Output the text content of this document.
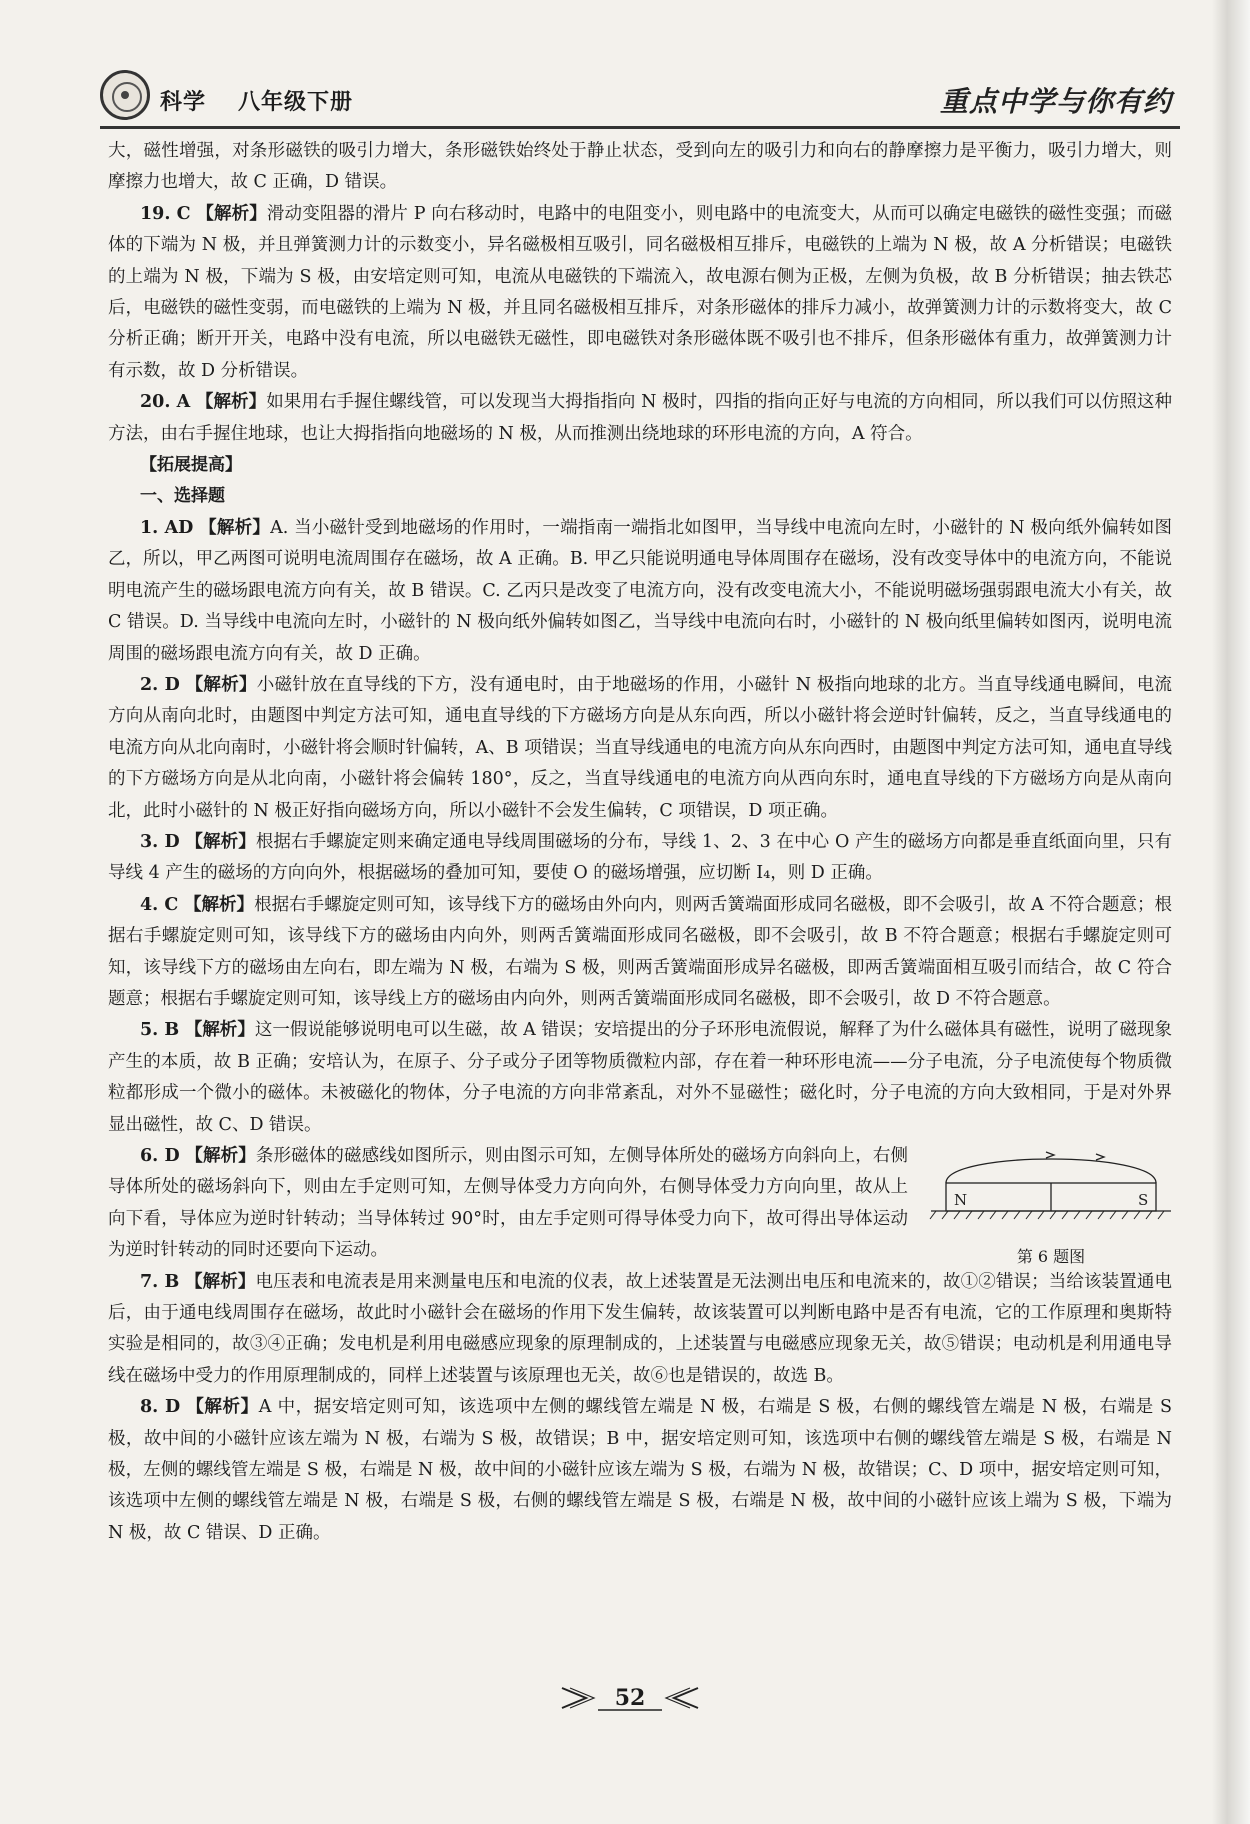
科学 八年级下册	重点中学与你有约

大，磁性增强，对条形磁铁的吸引力增大，条形磁铁始终处于静止状态，受到向左的吸引力和向右的静摩擦力是平衡力，吸引力增大，则摩擦力也增大，故 C 正确，D 错误。

19. C 【解析】滑动变阻器的滑片 P 向右移动时，电路中的电阻变小，则电路中的电流变大，从而可以确定电磁铁的磁性变强；而磁体的下端为 N 极，并且弹簧测力计的示数变小，异名磁极相互吸引，同名磁极相互排斥，电磁铁的上端为 N 极，故 A 分析错误；电磁铁的上端为 N 极，下端为 S 极，由安培定则可知，电流从电磁铁的下端流入，故电源右侧为正极，左侧为负极，故 B 分析错误；抽去铁芯后，电磁铁的磁性变弱，而电磁铁的上端为 N 极，并且同名磁极相互排斥，对条形磁体的排斥力减小，故弹簧测力计的示数将变大，故 C 分析正确；断开开关，电路中没有电流，所以电磁铁无磁性，即电磁铁对条形磁体既不吸引也不排斥，但条形磁体有重力，故弹簧测力计有示数，故 D 分析错误。

20. A 【解析】如果用右手握住螺线管，可以发现当大拇指指向 N 极时，四指的指向正好与电流的方向相同，所以我们可以仿照这种方法，由右手握住地球，也让大拇指指向地磁场的 N 极，从而推测出绕地球的环形电流的方向，A 符合。

【拓展提高】

一、选择题

1. AD 【解析】A. 当小磁针受到地磁场的作用时，一端指南一端指北如图甲，当导线中电流向左时，小磁针的 N 极向纸外偏转如图乙，所以，甲乙两图可说明电流周围存在磁场，故 A 正确。B. 甲乙只能说明通电导体周围存在磁场，没有改变导体中的电流方向，不能说明电流产生的磁场跟电流方向有关，故 B 错误。C. 乙丙只是改变了电流方向，没有改变电流大小，不能说明磁场强弱跟电流大小有关，故 C 错误。D. 当导线中电流向左时，小磁针的 N 极向纸外偏转如图乙，当导线中电流向右时，小磁针的 N 极向纸里偏转如图丙，说明电流周围的磁场跟电流方向有关，故 D 正确。

2. D 【解析】小磁针放在直导线的下方，没有通电时，由于地磁场的作用，小磁针 N 极指向地球的北方。当直导线通电瞬间，电流方向从南向北时，由题图中判定方法可知，通电直导线的下方磁场方向是从东向西，所以小磁针将会逆时针偏转，反之，当直导线通电的电流方向从北向南时，小磁针将会顺时针偏转，A、B 项错误；当直导线通电的电流方向从东向西时，由题图中判定方法可知，通电直导线的下方磁场方向是从北向南，小磁针将会偏转 180°，反之，当直导线通电的电流方向从西向东时，通电直导线的下方磁场方向是从南向北，此时小磁针的 N 极正好指向磁场方向，所以小磁针不会发生偏转，C 项错误，D 项正确。

3. D 【解析】根据右手螺旋定则来确定通电导线周围磁场的分布，导线 1、2、3 在中心 O 产生的磁场方向都是垂直纸面向里，只有导线 4 产生的磁场的方向向外，根据磁场的叠加可知，要使 O 的磁场增强，应切断 I₄，则 D 正确。

4. C 【解析】根据右手螺旋定则可知，该导线下方的磁场由外向内，则两舌簧端面形成同名磁极，即不会吸引，故 A 不符合题意；根据右手螺旋定则可知，该导线下方的磁场由内向外，则两舌簧端面形成同名磁极，即不会吸引，故 B 不符合题意；根据右手螺旋定则可知，该导线下方的磁场由左向右，即左端为 N 极，右端为 S 极，则两舌簧端面形成异名磁极，即两舌簧端面相互吸引而结合，故 C 符合题意；根据右手螺旋定则可知，该导线上方的磁场由内向外，则两舌簧端面形成同名磁极，即不会吸引，故 D 不符合题意。

5. B 【解析】这一假说能够说明电可以生磁，故 A 错误；安培提出的分子环形电流假说，解释了为什么磁体具有磁性，说明了磁现象产生的本质，故 B 正确；安培认为，在原子、分子或分子团等物质微粒内部，存在着一种环形电流——分子电流，分子电流使每个物质微粒都形成一个微小的磁体。未被磁化的物体，分子电流的方向非常紊乱，对外不显磁性；磁化时，分子电流的方向大致相同，于是对外界显出磁性，故 C、D 错误。

6. D 【解析】条形磁体的磁感线如图所示，则由图示可知，左侧导体所处的磁场方向斜向上，右侧导体所处的磁场斜向下，则由左手定则可知，左侧导体受力方向向外，右侧导体受力方向向里，故从上向下看，导体应为逆时针转动；当导体转过 90°时，由左手定则可得导体受力向下，故可得出导体运动为逆时针转动的同时还要向下运动。

N	S
第 6 题图

7. B 【解析】电压表和电流表是用来测量电压和电流的仪表，故上述装置是无法测出电压和电流来的，故①②错误；当给该装置通电后，由于通电线周围存在磁场，故此时小磁针会在磁场的作用下发生偏转，故该装置可以判断电路中是否有电流，它的工作原理和奥斯特实验是相同的，故③④正确；发电机是利用电磁感应现象的原理制成的，上述装置与电磁感应现象无关，故⑤错误；电动机是利用通电导线在磁场中受力的作用原理制成的，同样上述装置与该原理也无关，故⑥也是错误的，故选 B。

8. D 【解析】A 中，据安培定则可知，该选项中左侧的螺线管左端是 N 极，右端是 S 极，右侧的螺线管左端是 N 极，右端是 S 极，故中间的小磁针应该左端为 N 极，右端为 S 极，故错误；B 中，据安培定则可知，该选项中右侧的螺线管左端是 S 极，右端是 N 极，左侧的螺线管左端是 S 极，右端是 N 极，故中间的小磁针应该左端为 S 极，右端为 N 极，故错误；C、D 项中，据安培定则可知，该选项中左侧的螺线管左端是 N 极，右端是 S 极，右侧的螺线管左端是 S 极，右端是 N 极，故中间的小磁针应该上端为 S 极，下端为 N 极，故 C 错误、D 正确。

52
